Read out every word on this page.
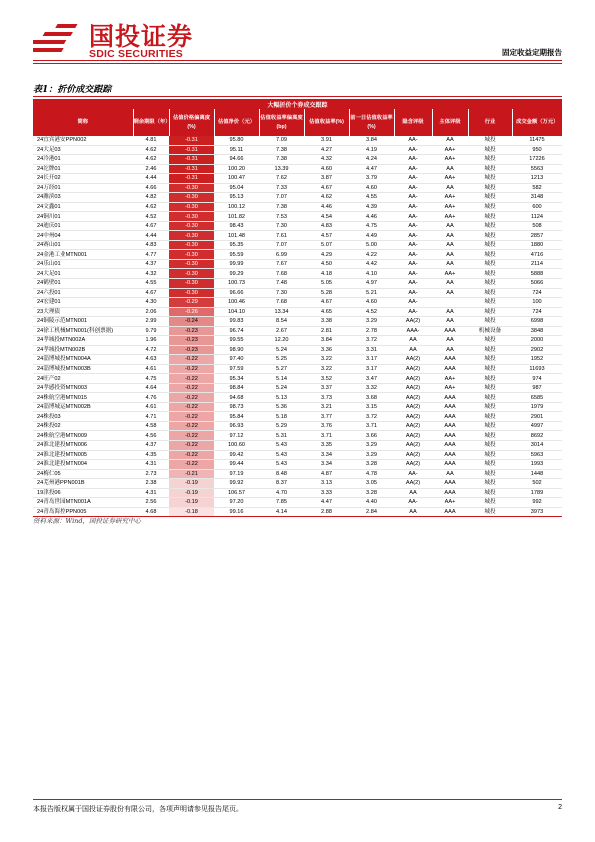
国投证券
SDIC SECURITIES	固定收益定期报告
表1：折价成交跟踪
大幅折价个券成交跟踪										
简称	剩余期限（年）	估值价格偏离度(%)	估值净价（元）	估值收益率偏离度(bp)	估值收益率(%)	前一日估值收益率(%)	隐含评级	主体评级	行业	成交金额（万元）
24宜宾港安PPN002	4.81	-0.31	95.80	7.09	3.91	3.84	AA-	AA	城投	11475
24大足03	4.62	-0.31	95.11	7.38	4.27	4.19	AA-	AA+	城投	950
24冷港01	4.62	-0.31	94.66	7.38	4.32	4.24	AA-	AA+	城投	17226
24沱牌01	2.46	-0.31	100.20	13.39	4.60	4.47	AA-	AA	城投	5563
24长开02	4.44	-0.31	100.47	7.62	3.87	3.79	AA-	AA+	城投	1213
24万经01	4.66	-0.30	95.04	7.33	4.67	4.60	AA-	AA	城投	582
24潍滨03	4.82	-0.30	95.13	7.07	4.62	4.55	AA-	AA+	城投	3148
24文鑫01	4.62	-0.30	100.12	7.38	4.46	4.39	AA-	AA+	城投	600
24铜川01	4.52	-0.30	101.82	7.53	4.54	4.46	AA-	AA+	城投	1124
24迪庆01	4.67	-0.30	98.43	7.30	4.83	4.75	AA-	AA	城投	508
24中州04	4.44	-0.30	101.48	7.61	4.57	4.49	AA-	AA	城投	2857
24赛山01	4.83	-0.30	95.35	7.07	5.07	5.00	AA-	AA	城投	1880
24金港工业MTN001	4.77	-0.30	95.59	6.99	4.29	4.22	AA-	AA	城投	4716
24乐山01	4.37	-0.30	99.99	7.67	4.50	4.42	AA-	AA	城投	2114
24大足01	4.32	-0.30	99.29	7.68	4.18	4.10	AA-	AA+	城投	5888
24鹤壁01	4.55	-0.30	100.73	7.48	5.05	4.97	AA-	AA	城投	5066
24六投01	4.67	-0.30	96.66	7.30	5.28	5.21	AA-	AA	城投	724
24宏建01	4.30	-0.29	100.46	7.68	4.67	4.60	AA-		城投	100
23大理债	2.06	-0.26	104.10	13.34	4.65	4.52	AA-	AA	城投	724
24铜陵示范MTN001	2.99	-0.24	99.83	8.54	3.38	3.29	AA(2)	AA	城投	6998
24徐工机械MTN001(科创票据)	9.79	-0.23	96.74	2.67	2.81	2.78	AAA-	AAA	机械设备	3848
24孝城投MTN002A	1.96	-0.23	99.55	12.20	3.84	3.72	AA	AA	城投	2000
24孝城投MTN002B	4.72	-0.23	98.90	5.24	3.36	3.31	AA	AA	城投	2902
24淄博城投MTN004A	4.63	-0.22	97.40	5.25	3.22	3.17	AA(2)	AAA	城投	1952
24淄博城投MTN003B	4.61	-0.22	97.59	5.27	3.22	3.17	AA(2)	AAA	城投	11693
24旺产02	4.75	-0.22	95.34	5.14	3.52	3.47	AA(2)	AA+	城投	974
24孝感投资MTN003	4.64	-0.22	98.84	5.24	3.37	3.32	AA(2)	AA+	城投	987
24株航空港MTN015	4.76	-0.22	94.68	5.13	3.73	3.68	AA(2)	AAA	城投	6585
24淄博城运MTN002B	4.61	-0.22	98.73	5.36	3.21	3.15	AA(2)	AAA	城投	1979
24株投03	4.71	-0.22	95.84	5.18	3.77	3.72	AA(2)	AAA	城投	2901
24株投02	4.58	-0.22	96.93	5.29	3.76	3.71	AA(2)	AAA	城投	4997
24株航空港MTN009	4.56	-0.22	97.12	5.31	3.71	3.66	AA(2)	AAA	城投	8692
24淮北建投MTN006	4.37	-0.22	100.60	5.43	3.35	3.29	AA(2)	AAA	城投	3014
24淮北建投MTN005	4.35	-0.22	99.42	5.43	3.34	3.29	AA(2)	AAA	城投	5963
24淮北建投MTN004	4.31	-0.22	99.44	5.43	3.34	3.28	AA(2)	AAA	城投	1993
24梅仁05	2.73	-0.21	97.19	8.48	4.87	4.78	AA-	AA	城投	1448
24芜州港PPN001B	2.38	-0.19	99.92	8.37	3.13	3.05	AA(2)	AAA	城投	502
19津投06	4.31	-0.19	106.57	4.70	3.33	3.28	AA	AAA	城投	1789
24青岛世园MTN001A	2.56	-0.19	97.20	7.85	4.47	4.40	AA-	AA+	城投	992
24青岛海控PPN005	4.68	-0.18	99.16	4.14	2.88	2.84	AA	AAA	城投	3973
资料来源：Wind，国投证券研究中心
本报告版权属于国投证券股份有限公司，各项声明请参见报告尾页。	2
